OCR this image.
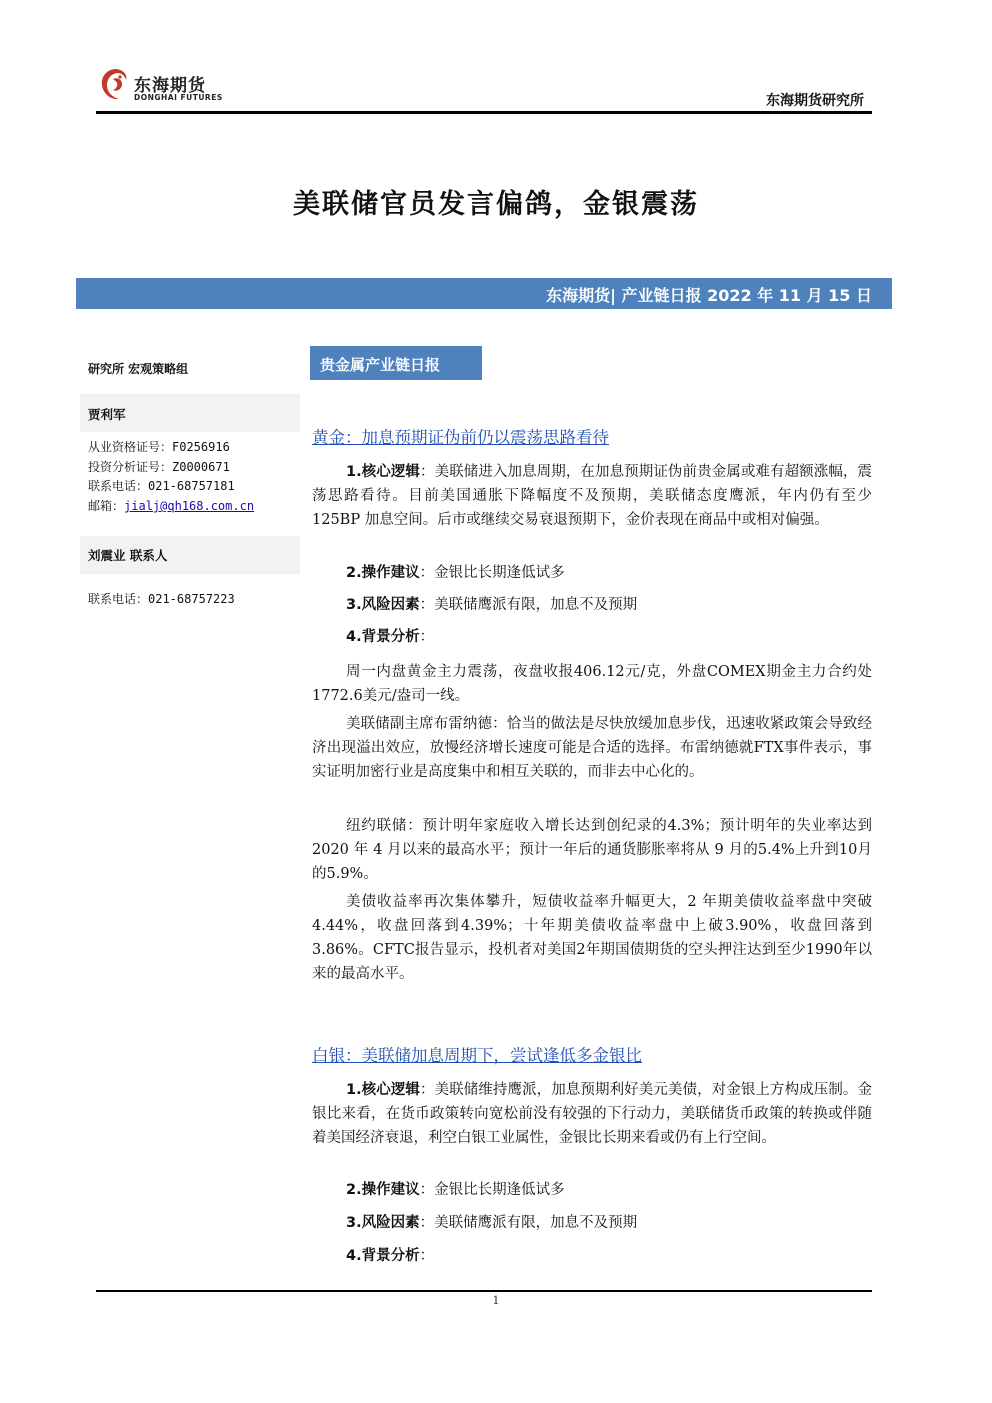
东海期货
DONGHAI FUTURES	东海期货研究所
美联储官员发言偏鸽，金银震荡
东海期货| 产业链日报 2022 年 11 月 15 日
研究所 宏观策略组
贾利军
从业资格证号：F0256916
投资分析证号：Z0000671
联系电话：021-68757181
邮箱：jialj@qh168.com.cn
刘震业 联系人
联系电话：021-68757223
贵金属产业链日报
黄金：加息预期证伪前仍以震荡思路看待
1.核心逻辑：美联储进入加息周期，在加息预期证伪前贵金属或难有超额涨幅，震荡思路看待。目前美国通胀下降幅度不及预期，美联储态度鹰派，年内仍有至少 125BP 加息空间。后市或继续交易衰退预期下，金价表现在商品中或相对偏强。
2.操作建议：金银比长期逢低试多
3.风险因素：美联储鹰派有限，加息不及预期
4.背景分析：
周一内盘黄金主力震荡，夜盘收报406.12元/克，外盘COMEX期金主力合约处1772.6美元/盎司一线。
美联储副主席布雷纳德：恰当的做法是尽快放缓加息步伐，迅速收紧政策会导致经济出现溢出效应，放慢经济增长速度可能是合适的选择。布雷纳德就FTX事件表示，事实证明加密行业是高度集中和相互关联的，而非去中心化的。
纽约联储：预计明年家庭收入增长达到创纪录的4.3%；预计明年的失业率达到 2020 年 4 月以来的最高水平；预计一年后的通货膨胀率将从 9 月的5.4%上升到10月的5.9%。
美债收益率再次集体攀升，短债收益率升幅更大，2 年期美债收益率盘中突破4.44%，收盘回落到4.39%；十年期美债收益率盘中上破3.90%，收盘回落到3.86%。CFTC报告显示，投机者对美国2年期国债期货的空头押注达到至少1990年以来的最高水平。
白银：美联储加息周期下，尝试逢低多金银比
1.核心逻辑：美联储维持鹰派，加息预期利好美元美债，对金银上方构成压制。金银比来看，在货币政策转向宽松前没有较强的下行动力，美联储货币政策的转换或伴随着美国经济衰退，利空白银工业属性，金银比长期来看或仍有上行空间。
2.操作建议：金银比长期逢低试多
3.风险因素：美联储鹰派有限，加息不及预期
4.背景分析：
1
